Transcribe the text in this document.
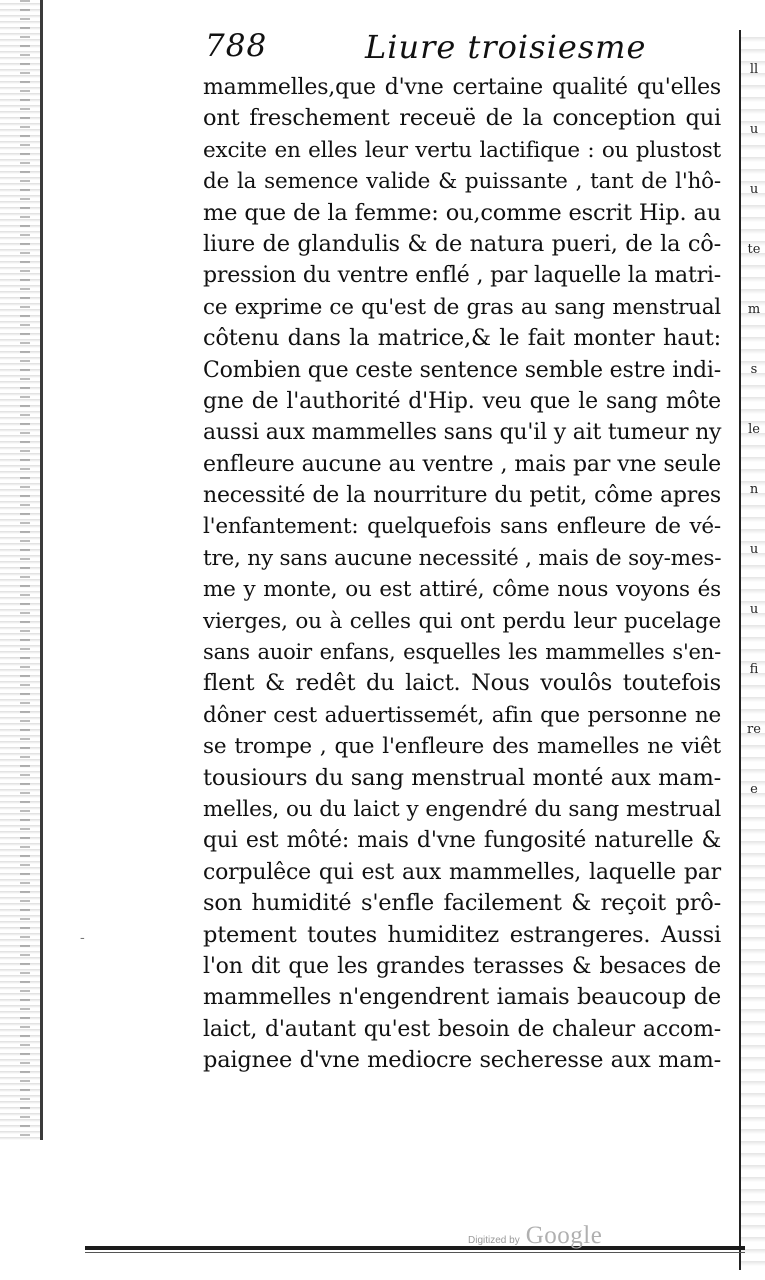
ll
u
u
te
m
s
le
n
u
u
fi
re
e
788	Liure troisiesme
mammelles,que d'vne certaine qualité qu'elles
ont freschement receuë de la conception qui
excite en elles leur vertu lactifique : ou plustost
de la semence valide & puissante , tant de l'hô-
me que de la femme: ou,comme escrit Hip. au
liure de glandulis & de natura pueri, de la cô-
pression du ventre enflé , par laquelle la matri-
ce exprime ce qu'est de gras au sang menstrual
côtenu dans la matrice,& le fait monter haut:
Combien que ceste sentence semble estre indi-
gne de l'authorité d'Hip. veu que le sang môte
aussi aux mammelles sans qu'il y ait tumeur ny
enfleure aucune au ventre , mais par vne seule
necessité de la nourriture du petit, côme apres
l'enfantement: quelquefois sans enfleure de vé-
tre, ny sans aucune necessité , mais de soy-mes-
me y monte, ou est attiré, côme nous voyons és
vierges, ou à celles qui ont perdu leur pucelage
sans auoir enfans, esquelles les mammelles s'en-
flent & redêt du laict. Nous voulôs toutefois
dôner cest aduertissemét, afin que personne ne
se trompe , que l'enfleure des mamelles ne viêt
tousiours du sang menstrual monté aux mam-
melles, ou du laict y engendré du sang mestrual
qui est môté: mais d'vne fungosité naturelle &
corpulêce qui est aux mammelles, laquelle par
son humidité s'enfle facilement & reçoit prô-
ptement toutes humiditez estrangeres. Aussi
l'on dit que les grandes terasses & besaces de
mammelles n'engendrent iamais beaucoup de
laict, d'autant qu'est besoin de chaleur accom-
paignee d'vne mediocre secheresse aux mam-
-
Digitized by Google
